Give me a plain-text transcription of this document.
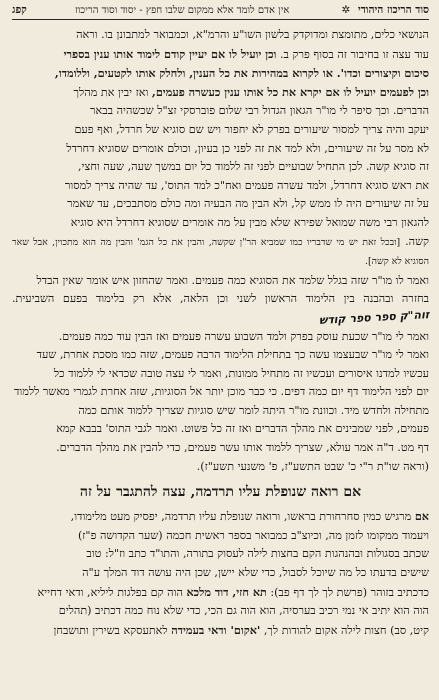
סוד הריכוז היהודי ✲
אין אדם לומד אלא ממקום שלבו חפץ - יסוד וסוד הריכוז
קפג

הנושאי כלים, מתומצת ומדוקדק בלשון השו"ע והרמ"א, וכמבואר למתבונן בו. וראה

עוד עצה זו בחיבור זה בסוף פרק ב. וכן יועיל לו אם יעיין קודם לימוד אותו ענין בספרי

סיכום וקיצורים וכדו'. או לקרוא במהירות את כל הענין, ולחלק אותו לקטעים, וללומדו,

וכן לפעמים יועיל לו אם יקרא את כל אותו ענין כעשרה פעמים, ואז יבין את מהלך

הדברים. וכך סיפר לי מו"ר הגאון הגדול רבי שלום פוברסקי זצ"ל שכשהיה בבאר

יעקב והיה צריך למסור שיעורים בפרק לא יחפור ויש שם סוגיא של חרדל, ואף פעם

לא מסר על זה שיעורים, ולא למד את זה לפני כן בעיון, וכולם אומרים שסוגיא דחרדל

זה סוגיא קשה. לכן התחיל שבועיים לפני זה ללמוד כל יום במשך שעה, שעה וחצי,

את ראש סוגיא דחרדל, ולמד עשרה פעמים ואח"כ למד התוס', עד שהיה צריך למסור

על זה שיעורים היה לו ממש קל, ולא הבין מה הבעיה ומה כולם מסתבכים, עד שאמר

להגאון רבי משה שמואל שפירא שלא מבין על מה אומרים שסוגיא דחרדל היא סוגיא

קשה. [ובכל זאת יש מי שדבריו כמו שמביא הר"ן שקשה, והבין את כל הגמ' והבין מה הוא מתכוין, אבל שאר הסוגיא לא קשה].

ואמר לו מו"ר שזה בגלל שלמד את הסוגיא כמה פעמים. ואמר שהחזון איש אומר שאין הבדל

בחזרה ובהבנה בין הלימוד הראשון לשני וכן הלאה, אלא רק בלימוד בפעם השביעית. זוה"ק ספר ספר קודש

ואמר לי מו"ר שכעת עוסק בפרק ולמד השבוע עשרה פעמים ואז הבין עוד כמה פעמים.

ואמר לי מו"ר שבעצמו עשה כך בתחילת הלימוד הרבה פעמים, שזה כמו מסכת אחרת, שעד

עכשיו למדנו איסורים ועכשיו זה מתחיל ממונות, ואמר לי עצה טובה שכדאי לי ללמוד כל

יום לפני הלימוד דף יום כמה דפים. כי כבר מוכן יותר אל הסוגיות, שזה אחרת לגמרי מאשר ללמוד

מתחילה ולחדש מיד. וכוונת מו"ר היתה לומר שיש סוגיות שצריך ללמוד אותם כמה

פעמים, לפני שמבינים את מהלך הדברים ואז זה כל פשוט. ואמר לגבי התוס' בבבא קמא

דף מט. ד"ה אמר עולא, שצריך ללמוד אותו עשר פעמים, כדי להבין את מהלך הדברים.

(וראה שו"ת ר"י כ' שבט התשע"ז, פ' משנעי תשע"ז).

אם רואה שנופלת עליו תרדמה, עצה להתגבר על זה

אם מרגיש כמין סחרחורת בראשו, ורואה שנופלת עליו תרדמה, יפסיק מעט מלימודו,

ויעמוד ממקומו לזמן מה, וכיוצ"ב כמבואר בספר ראשית חכמה (שער הקדושה פ"ז)

שכתב בסגולות ובהנהגות הקם בחצות לילה לעסוק בתורה, והתו"ד כתב וז"ל: טוב

שישים בדעתו כל מה שיוכל לסבול, כדי שלא יישן, שכן היה עושה דוד המלך ע"ה

כדכתיב בזוהר (פרשת לך לך דף פב): תא חזי, דוד מלכא הוה קם בפלגות ליליא, ודאי דחייא

הוה הוא יתיב אי נמי רכיב בערסיה, הוא הוה גם הכי, כדי שלא נוח כמה דכתיב (תהלים

קיט, סב) חצות לילה אקום להודות לך, 'אקום' ודאי בעמידה לאתעסקא בשירין ותושבחן
